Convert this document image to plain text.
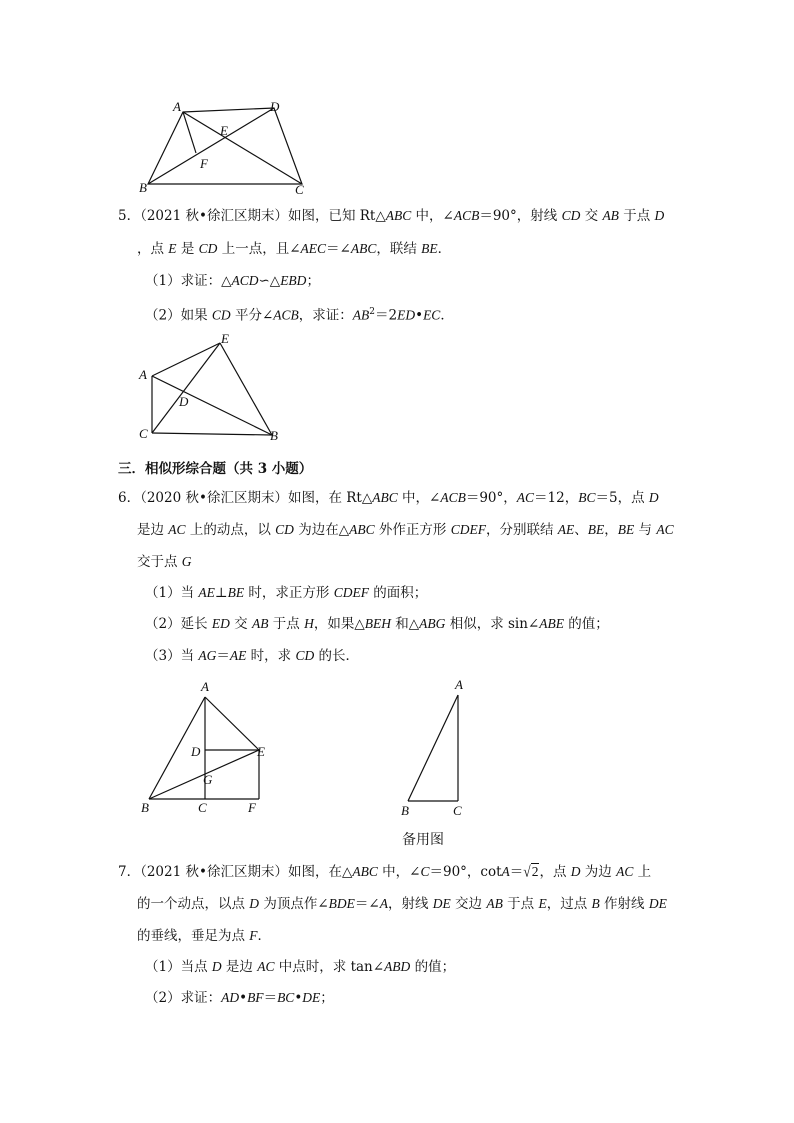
A	D
E
F
B	C
5．（2021 秋•徐汇区期末）如图，已知 Rt△ABC 中，∠ACB＝90°，射线 CD 交 AB 于点 D
，点 E 是 CD 上一点，且∠AEC＝∠ABC，联结 BE．
（1）求证：△ACD∽△EBD；
（2）如果 CD 平分∠ACB，求证：$AB^2=2ED•EC$．
A
E
D
C	B
三．相似形综合题（共 3 小题）
6．（2020 秋•徐汇区期末）如图，在 Rt△ABC 中，∠ACB＝90°，AC＝12，BC＝5，点 D
是边 AC 上的动点，以 CD 为边在△ABC 外作正方形 CDEF，分别联结 AE、BE，BE 与 AC
交于点 G
（1）当 AE⊥BE 时，求正方形 CDEF 的面积；
（2）延长 ED 交 AB 于点 H，如果△BEH 和△ABG 相似，求 sin∠ABE 的值；
（3）当 AG＝AE 时，求 CD 的长．
A
D	E
G
B	C	F
A
B	C
备用图
7．（2021 秋•徐汇区期末）如图，在△ABC 中，∠C＝90°，cotA＝√2，点 D 为边 AC 上
的一个动点，以点 D 为顶点作∠BDE＝∠A，射线 DE 交边 AB 于点 E，过点 B 作射线 DE
的垂线，垂足为点 F．
（1）当点 D 是边 AC 中点时，求 tan∠ABD 的值；
（2）求证：AD•BF＝BC•DE；
